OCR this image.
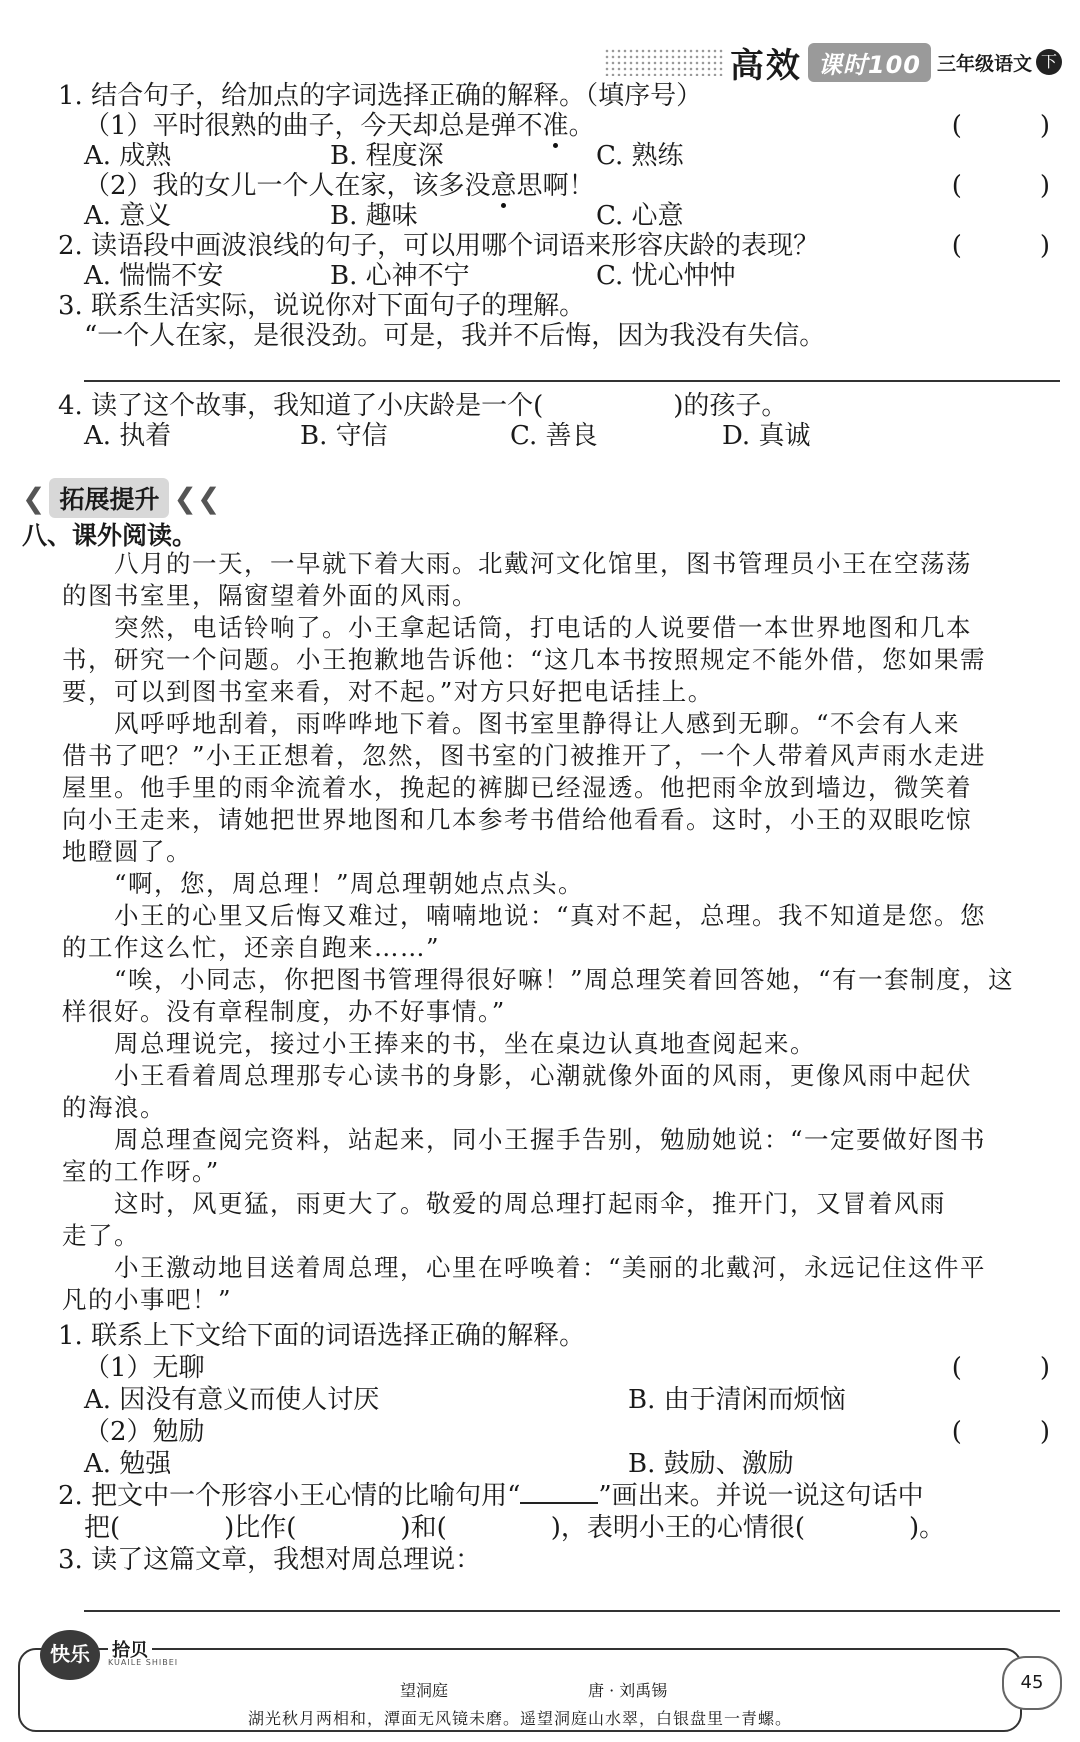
高效 课时100 三年级语文 下
1. 结合句子，给加点的字词选择正确的解释。（填序号）
（1）平时很熟的曲子，今天却总是弹不准。	(　　　)
A. 成熟	B. 程度深	C. 熟练
（2）我的女儿一个人在家，该多没意思啊！	(　　　)
A. 意义	B. 趣味	C. 心意
2. 读语段中画波浪线的句子，可以用哪个词语来形容庆龄的表现？	(　　　)
A. 惴惴不安	B. 心神不宁	C. 忧心忡忡
3. 联系生活实际，说说你对下面句子的理解。
“一个人在家，是很没劲。可是，我并不后悔，因为我没有失信。
4. 读了这个故事，我知道了小庆龄是一个(　　　　　)的孩子。
A. 执着	B. 守信	C. 善良	D. 真诚
❮ 拓展提升 ❮❮
八、课外阅读。
　　八月的一天，一早就下着大雨。北戴河文化馆里，图书管理员小王在空荡荡
的图书室里，隔窗望着外面的风雨。
　　突然，电话铃响了。小王拿起话筒，打电话的人说要借一本世界地图和几本
书，研究一个问题。小王抱歉地告诉他：“这几本书按照规定不能外借，您如果需
要，可以到图书室来看，对不起。”对方只好把电话挂上。
　　风呼呼地刮着，雨哗哗地下着。图书室里静得让人感到无聊。“不会有人来
借书了吧？”小王正想着，忽然，图书室的门被推开了，一个人带着风声雨水走进
屋里。他手里的雨伞流着水，挽起的裤脚已经湿透。他把雨伞放到墙边，微笑着
向小王走来，请她把世界地图和几本参考书借给他看看。这时，小王的双眼吃惊
地瞪圆了。
　　“啊，您，周总理！”周总理朝她点点头。
　　小王的心里又后悔又难过，喃喃地说：“真对不起，总理。我不知道是您。您
的工作这么忙，还亲自跑来……”
　　“唉，小同志，你把图书管理得很好嘛！”周总理笑着回答她，“有一套制度，这
样很好。没有章程制度，办不好事情。”
　　周总理说完，接过小王捧来的书，坐在桌边认真地查阅起来。
　　小王看着周总理那专心读书的身影，心潮就像外面的风雨，更像风雨中起伏
的海浪。
　　周总理查阅完资料，站起来，同小王握手告别，勉励她说：“一定要做好图书
室的工作呀。”
　　这时，风更猛，雨更大了。敬爱的周总理打起雨伞，推开门，又冒着风雨
走了。
　　小王激动地目送着周总理，心里在呼唤着：“美丽的北戴河，永远记住这件平
凡的小事吧！”
1. 联系上下文给下面的词语选择正确的解释。
（1）无聊	(　　　)
A. 因没有意义而使人讨厌	B. 由于清闲而烦恼
（2）勉励	(　　　)
A. 勉强	B. 鼓励、激励
2. 把文中一个形容小王心情的比喻句用“	”画出来。并说一说这句话中
把(　　　　)比作(　　　　)和(　　　　)，表明小王的心情很(　　　　)。
3. 读了这篇文章，我想对周总理说：
望洞庭	唐 · 刘禹锡
湖光秋月两相和，潭面无风镜未磨。遥望洞庭山水翠，白银盘里一青螺。
快乐	拾贝
KUAILE SHIBEI
45
